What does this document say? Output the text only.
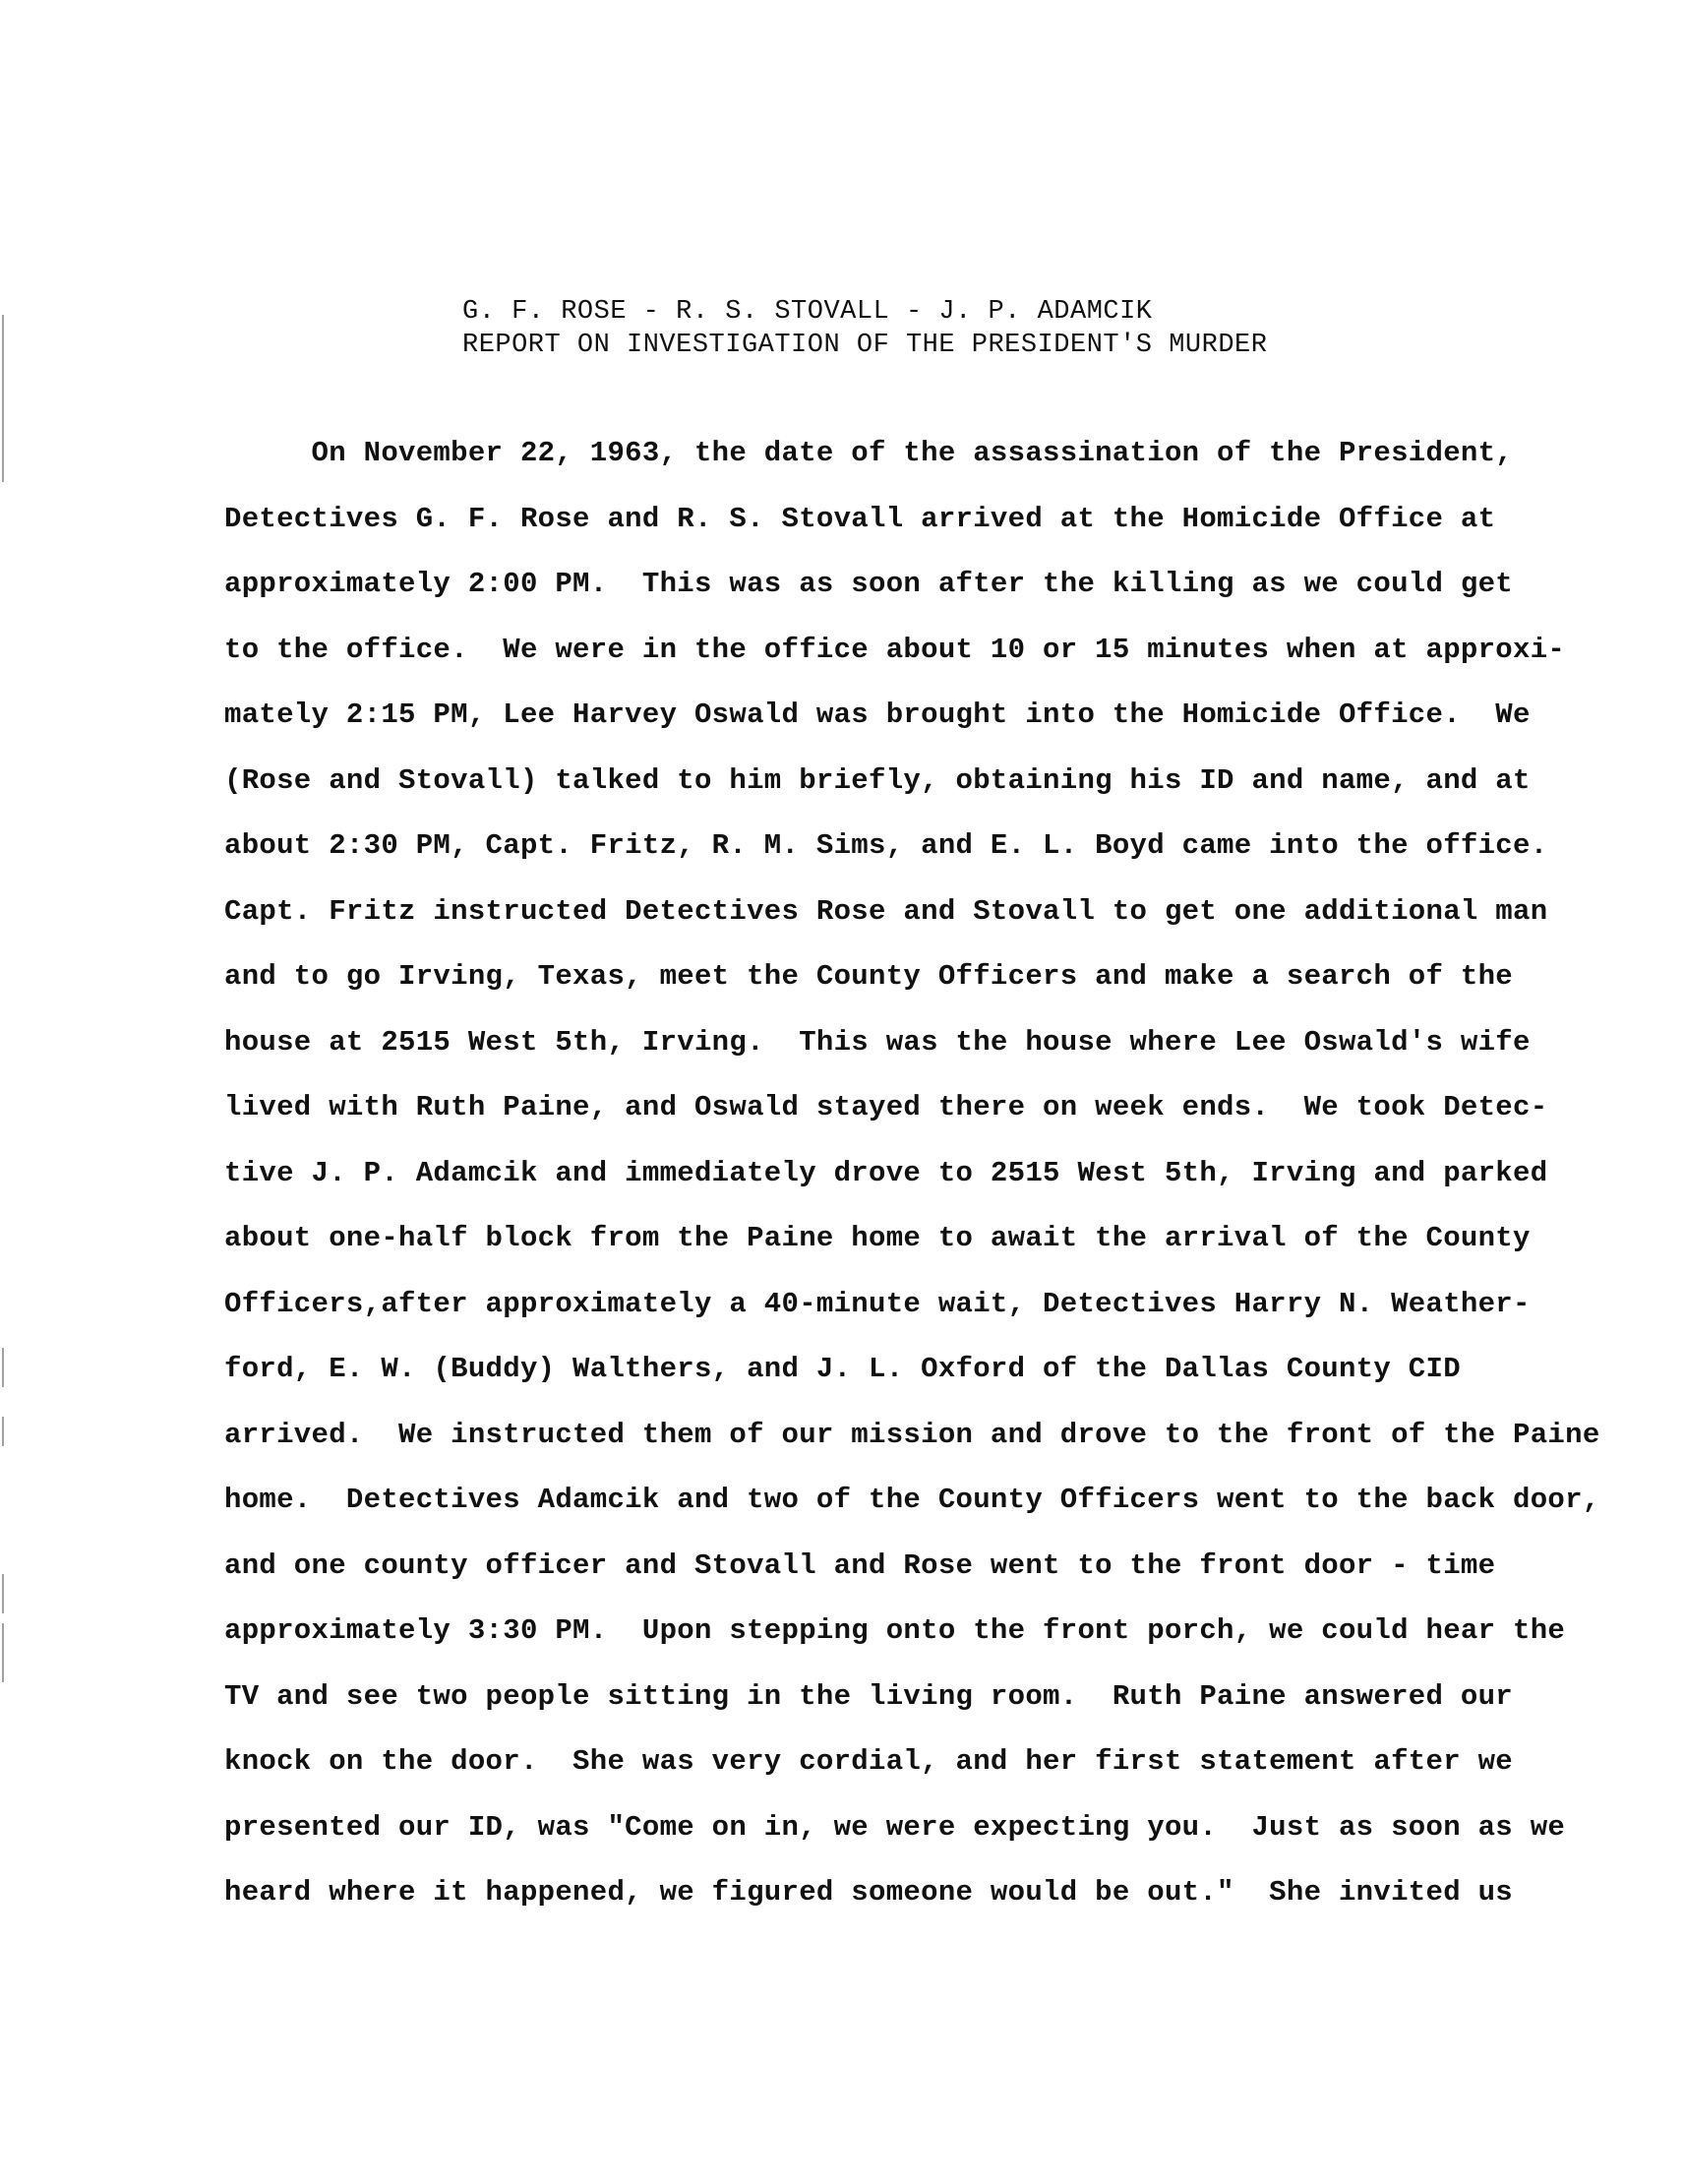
G. F. ROSE - R. S. STOVALL - J. P. ADAMCIK
REPORT ON INVESTIGATION OF THE PRESIDENT'S MURDER
On November 22, 1963, the date of the assassination of the President,
Detectives G. F. Rose and R. S. Stovall arrived at the Homicide Office at
approximately 2:00 PM.  This was as soon after the killing as we could get
to the office.  We were in the office about 10 or 15 minutes when at approxi-
mately 2:15 PM, Lee Harvey Oswald was brought into the Homicide Office.  We
(Rose and Stovall) talked to him briefly, obtaining his ID and name, and at
about 2:30 PM, Capt. Fritz, R. M. Sims, and E. L. Boyd came into the office.
Capt. Fritz instructed Detectives Rose and Stovall to get one additional man
and to go Irving, Texas, meet the County Officers and make a search of the
house at 2515 West 5th, Irving.  This was the house where Lee Oswald's wife
lived with Ruth Paine, and Oswald stayed there on week ends.  We took Detec-
tive J. P. Adamcik and immediately drove to 2515 West 5th, Irving and parked
about one-half block from the Paine home to await the arrival of the County
Officers,after approximately a 40-minute wait, Detectives Harry N. Weather-
ford, E. W. (Buddy) Walthers, and J. L. Oxford of the Dallas County CID
arrived.  We instructed them of our mission and drove to the front of the Paine
home.  Detectives Adamcik and two of the County Officers went to the back door,
and one county officer and Stovall and Rose went to the front door - time
approximately 3:30 PM.  Upon stepping onto the front porch, we could hear the
TV and see two people sitting in the living room.  Ruth Paine answered our
knock on the door.  She was very cordial, and her first statement after we
presented our ID, was "Come on in, we were expecting you.  Just as soon as we
heard where it happened, we figured someone would be out."  She invited us
